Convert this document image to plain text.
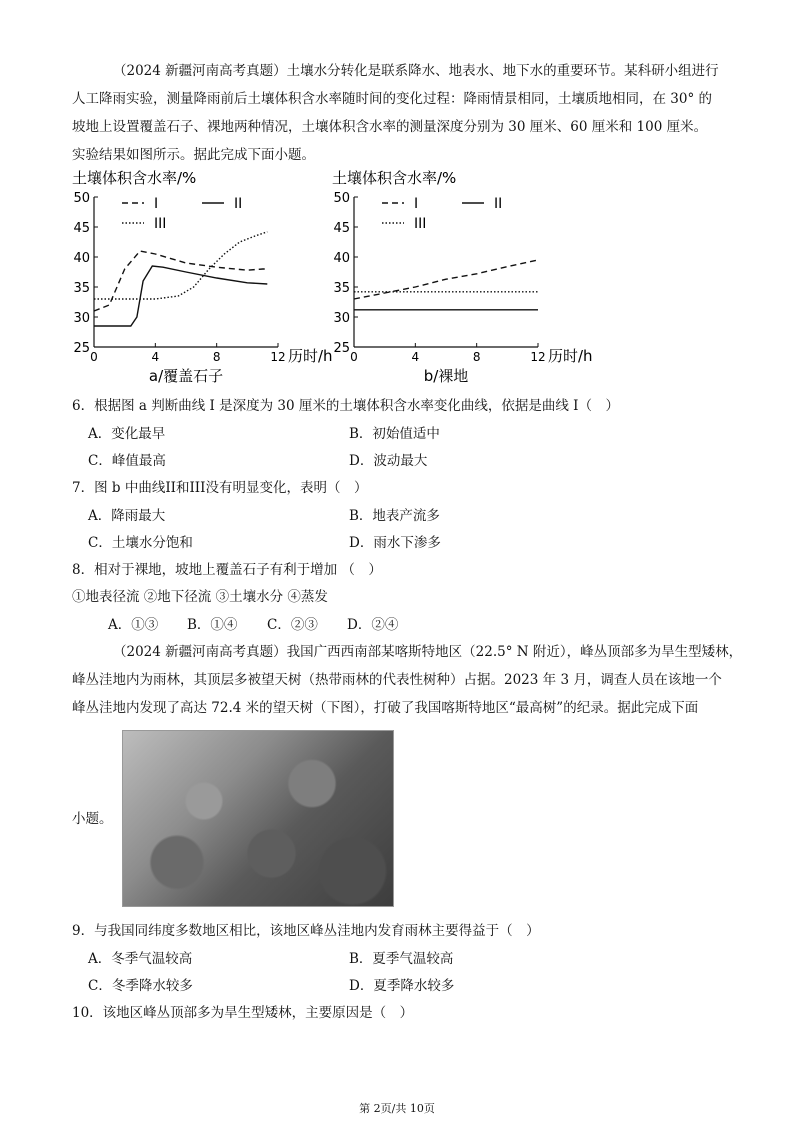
（2024 新疆河南高考真题）土壤水分转化是联系降水、地表水、地下水的重要环节。某科研小组进行
人工降雨实验，测量降雨前后土壤体积含水率随时间的变化过程：降雨情景相同，土壤质地相同，在 30° 的
坡地上设置覆盖石子、裸地两种情况，土壤体积含水率的测量深度分别为 30 厘米、60 厘米和 100 厘米。
实验结果如图所示。据此完成下面小题。
土壤体积含水率/%
25
30
35
40
45
50
0	4	8	12 历时/h
a/覆盖石子
I	II
III
土壤体积含水率/%
25
30
35
40
45
50
0	4	8	12 历时/h
b/裸地
I	II
III
6．根据图 a 判断曲线 I 是深度为 30 厘米的土壤体积含水率变化曲线，依据是曲线 I（　）
A．变化最早	B．初始值适中
C．峰值最高	D．波动最大
7．图 b 中曲线II和III没有明显变化，表明（　）
A．降雨最大	B．地表产流多
C．土壤水分饱和	D．雨水下渗多
8．相对于裸地，坡地上覆盖石子有利于增加 （　）
①地表径流 ②地下径流 ③土壤水分 ④蒸发
A．①③ B．①④ C．②③ D．②④
（2024 新疆河南高考真题）我国广西西南部某喀斯特地区（22.5° N 附近），峰丛顶部多为旱生型矮林，
峰丛洼地内为雨林，其顶层多被望天树（热带雨林的代表性树种）占据。2023 年 3 月，调查人员在该地一个
峰丛洼地内发现了高达 72.4 米的望天树（下图），打破了我国喀斯特地区“最高树”的纪录。据此完成下面
小题。
9．与我国同纬度多数地区相比，该地区峰丛洼地内发育雨林主要得益于（　）
A．冬季气温较高	B．夏季气温较高
C．冬季降水较多	D．夏季降水较多
10．该地区峰丛顶部多为旱生型矮林，主要原因是（　）
第 2页/共 10页
